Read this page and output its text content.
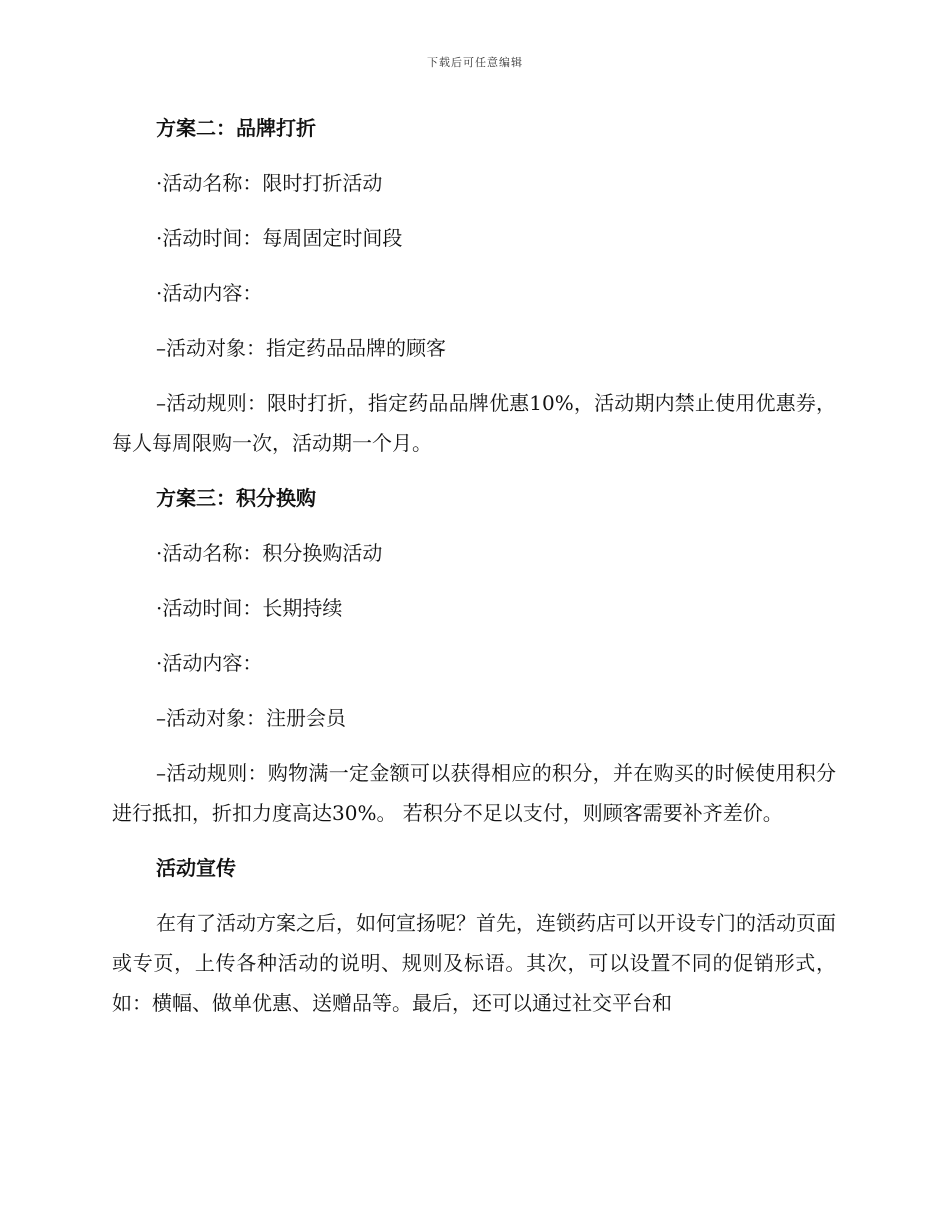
下载后可任意编辑

方案二：品牌打折

·活动名称：限时打折活动

·活动时间：每周固定时间段

·活动内容：

–活动对象：指定药品品牌的顾客

–活动规则：限时打折，指定药品品牌优惠10%，活动期内禁止使用优惠券，每人每周限购一次，活动期一个月。

方案三：积分换购

·活动名称：积分换购活动

·活动时间：长期持续

·活动内容：

–活动对象：注册会员

–活动规则：购物满一定金额可以获得相应的积分，并在购买的时候使用积分进行抵扣，折扣力度高达30%。 若积分不足以支付，则顾客需要补齐差价。

活动宣传

在有了活动方案之后，如何宣扬呢？首先，连锁药店可以开设专门的活动页面或专页，上传各种活动的说明、规则及标语。其次，可以设置不同的促销形式，如：横幅、做单优惠、送赠品等。最后，还可以通过社交平台和
